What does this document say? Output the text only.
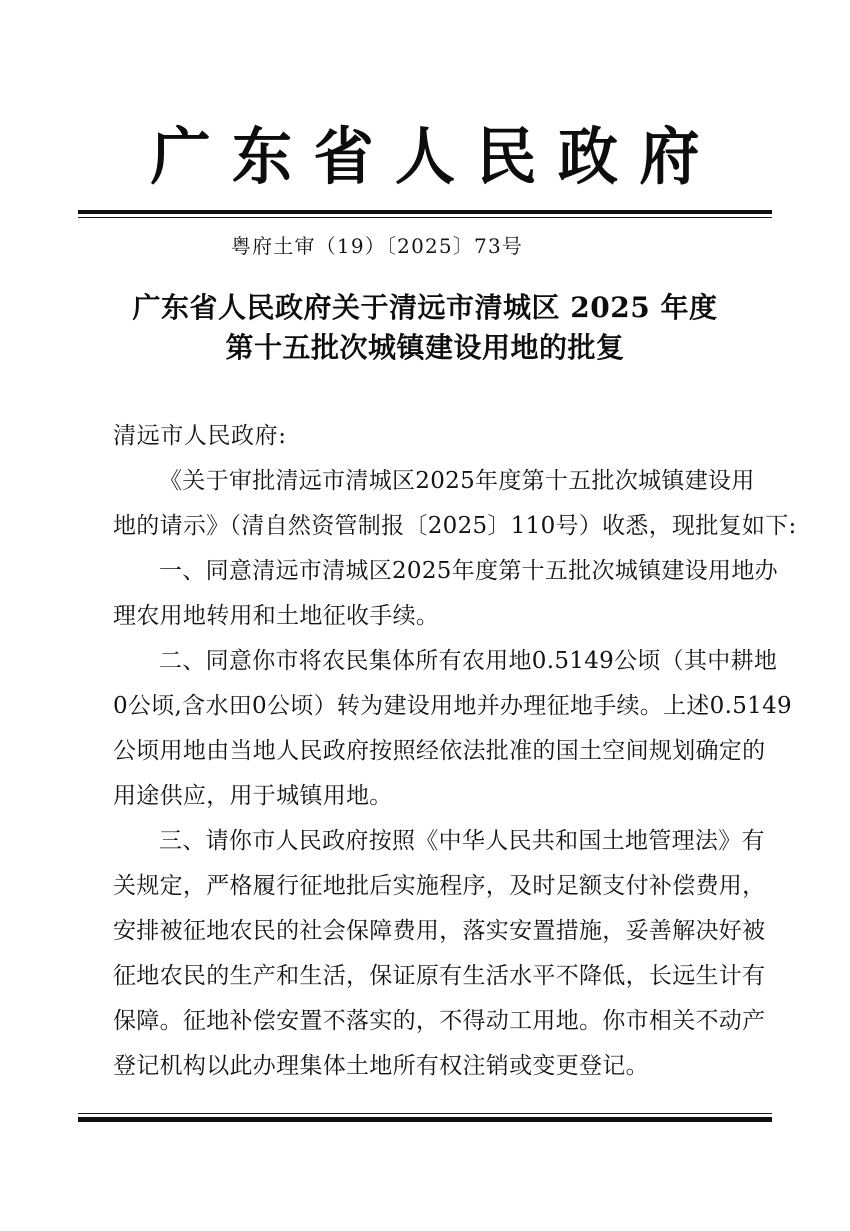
广东省人民政府
粤府土审（19）〔2025〕73号
广东省人民政府关于清远市清城区 2025 年度
第十五批次城镇建设用地的批复
清远市人民政府:

《关于审批清远市清城区2025年度第十五批次城镇建设用
地的请示》（清自然资管制报〔2025〕110号）收悉，现批复如下:

一、同意清远市清城区2025年度第十五批次城镇建设用地办
理农用地转用和土地征收手续。

二、同意你市将农民集体所有农用地0.5149公顷（其中耕地
0公顷,含水田0公顷）转为建设用地并办理征地手续。上述0.5149
公顷用地由当地人民政府按照经依法批准的国土空间规划确定的
用途供应，用于城镇用地。

三、请你市人民政府按照《中华人民共和国土地管理法》有
关规定，严格履行征地批后实施程序，及时足额支付补偿费用，
安排被征地农民的社会保障费用，落实安置措施，妥善解决好被
征地农民的生产和生活，保证原有生活水平不降低，长远生计有
保障。征地补偿安置不落实的，不得动工用地。你市相关不动产
登记机构以此办理集体土地所有权注销或变更登记。
